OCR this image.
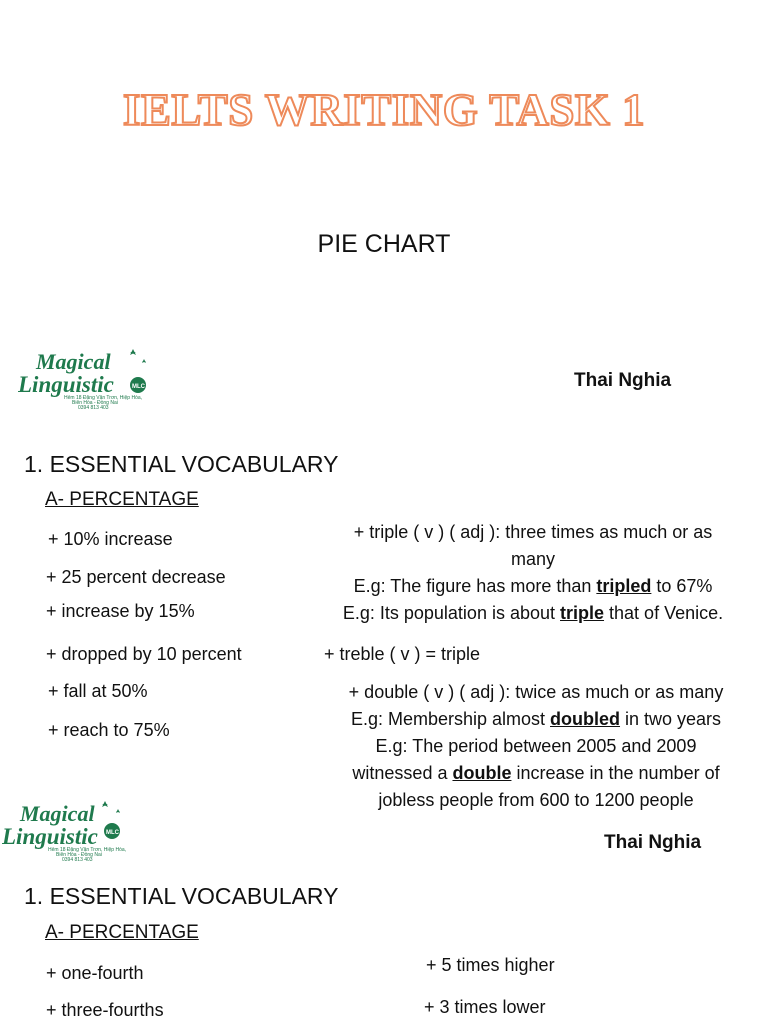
IELTS WRITING TASK 1
PIE CHART
Magical
Linguistic	MLC
Hẻm 18 Đặng Văn Trơn, Hiệp Hòa,
Biên Hòa - Đồng Nai
0394 813 403
Thai Nghia
1. ESSENTIAL VOCABULARY
A- PERCENTAGE
+ 10% increase
+ 25 percent decrease
+ increase by 15%
+ dropped by 10 percent
+ fall at 50%
+ reach to 75%
+ triple ( v ) ( adj ): three times as much or as
many
E.g: The figure has more than tripled to 67%
E.g: Its population is about triple that of Venice.
+ treble ( v ) = triple
+ double ( v ) ( adj ): twice as much or as many
E.g: Membership almost doubled in two years
E.g: The period between 2005 and 2009
witnessed a double increase in the number of
jobless people from 600 to 1200 people
Magical
Linguistic MLC
Hẻm 18 Đặng Văn Trơn, Hiệp Hòa,
Biên Hòa - Đồng Nai
0394 813 403
Thai Nghia
1. ESSENTIAL VOCABULARY
A- PERCENTAGE
+ one-fourth
+ three-fourths
+ 5 times higher
+ 3 times lower
